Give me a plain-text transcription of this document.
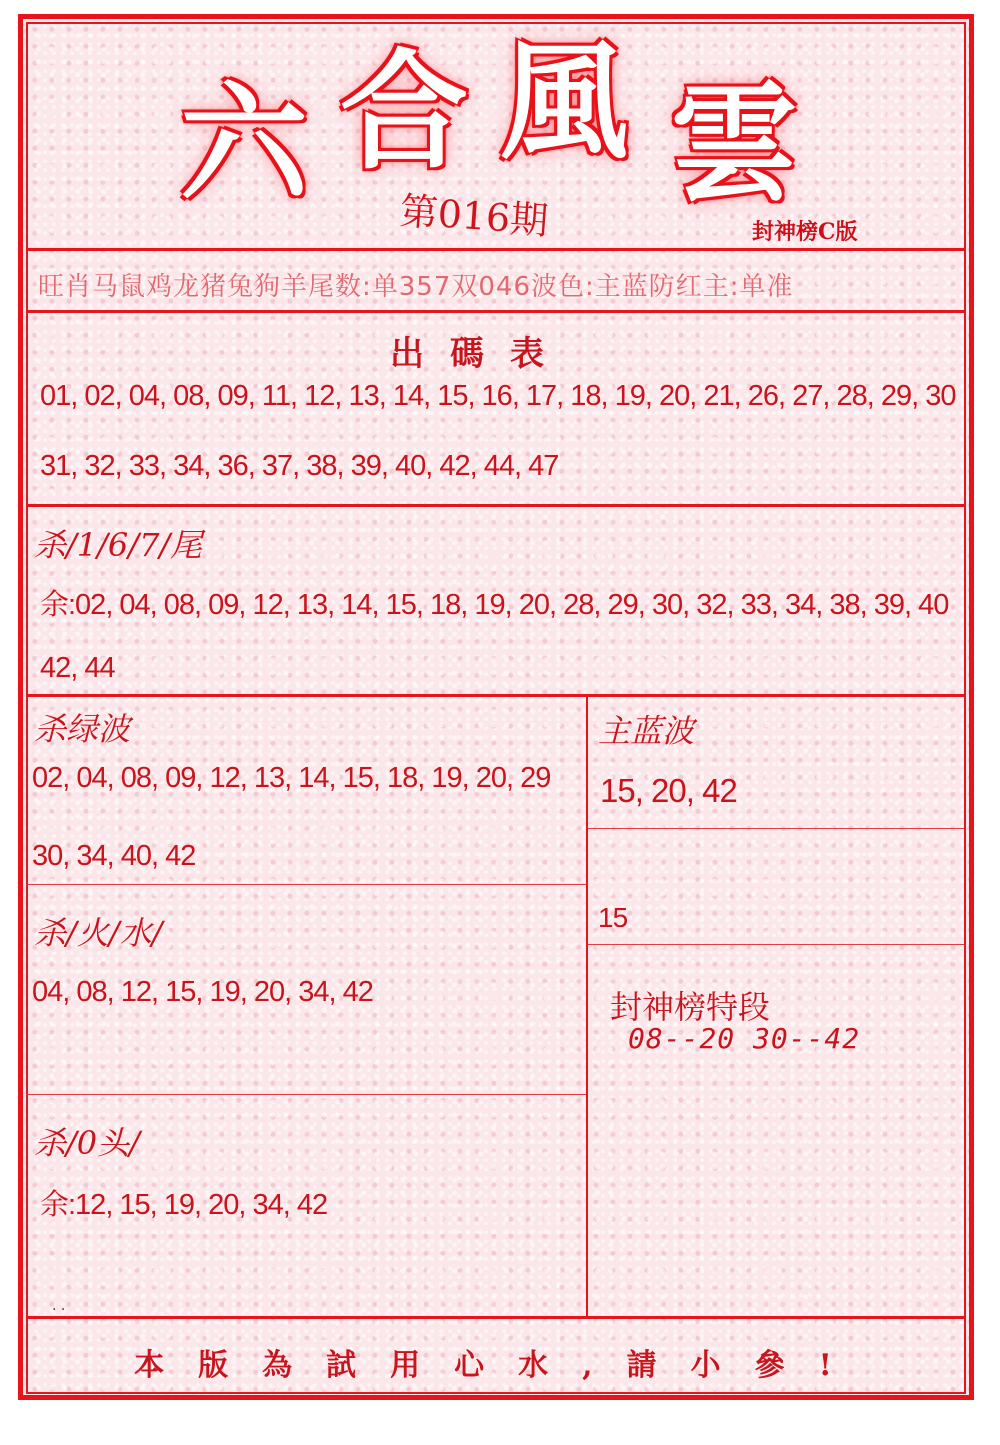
六 合 風 雲
第016期	封神榜C版
旺肖马鼠鸡龙猪兔狗羊尾数:单357双046波色:主蓝防红主:单准
出碼表
01, 02, 04, 08, 09, 11, 12, 13, 14, 15, 16, 17, 18, 19, 20, 21, 26, 27, 28, 29, 30
31, 32, 33, 34, 36, 37, 38, 39, 40, 42, 44, 47
杀/1/6/7/尾
余:02, 04, 08, 09, 12, 13, 14, 15, 18, 19, 20, 28, 29, 30, 32, 33, 34, 38, 39, 40
42, 44
杀绿波
02, 04, 08, 09, 12, 13, 14, 15, 18, 19, 20, 29
30, 34, 40, 42
杀/火/水/
04, 08, 12, 15, 19, 20, 34, 42
杀/0头/
余:12, 15, 19, 20, 34, 42
. .
主蓝波
15, 20, 42
15
封神榜特段
08--20 30--42
本版為試用心水,請小參!
